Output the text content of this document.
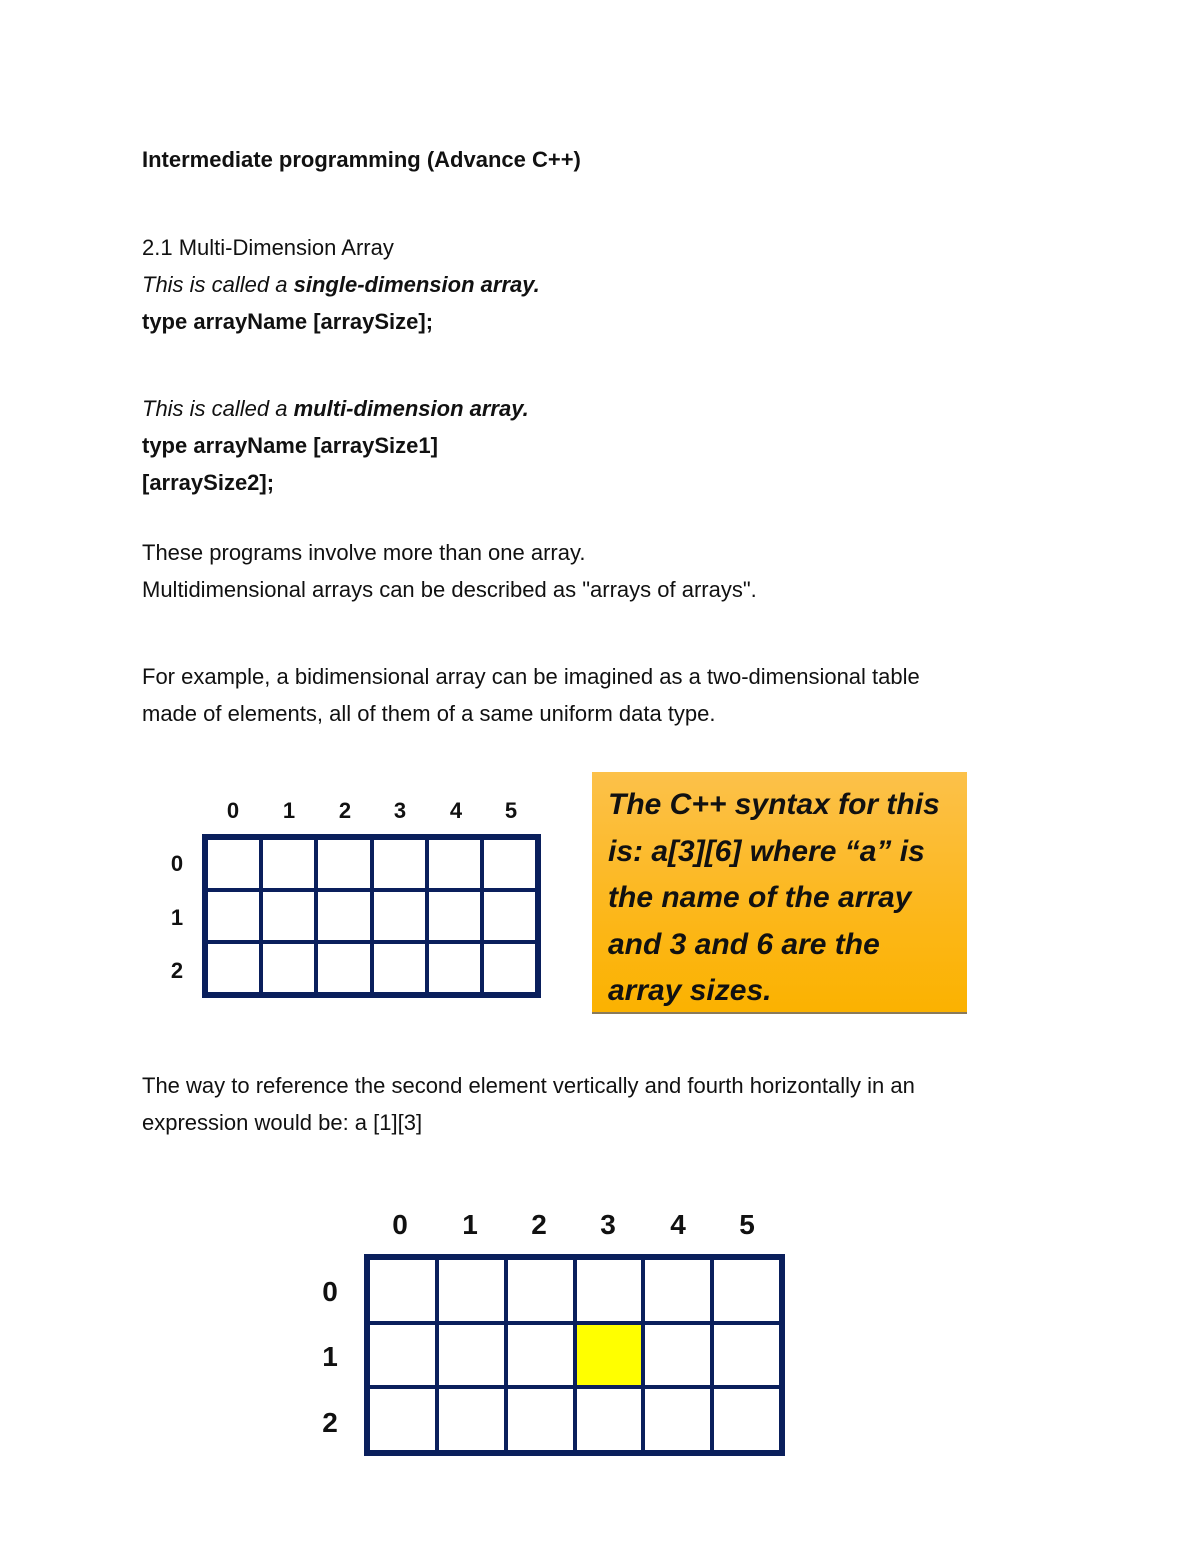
Intermediate programming (Advance C++)
2.1 Multi-Dimension Array
This is called a single-dimension array.
type arrayName [arraySize];
This is called a multi-dimension array.
type arrayName [arraySize1]
[arraySize2];
These programs involve more than one array.
Multidimensional arrays can be described as "arrays of arrays".
For example, a bidimensional array can be imagined as a two-dimensional table
made of elements, all of them of a same uniform data type.
0	1	2	3	4	5
0
1
2
The C++ syntax for this is: a[3][6] where “a” is the name of the array and 3 and 6 are the array sizes.
The way to reference the second element vertically and fourth horizontally in an
expression would be: a [1][3]
0	1	2	3	4	5
0
1
2
